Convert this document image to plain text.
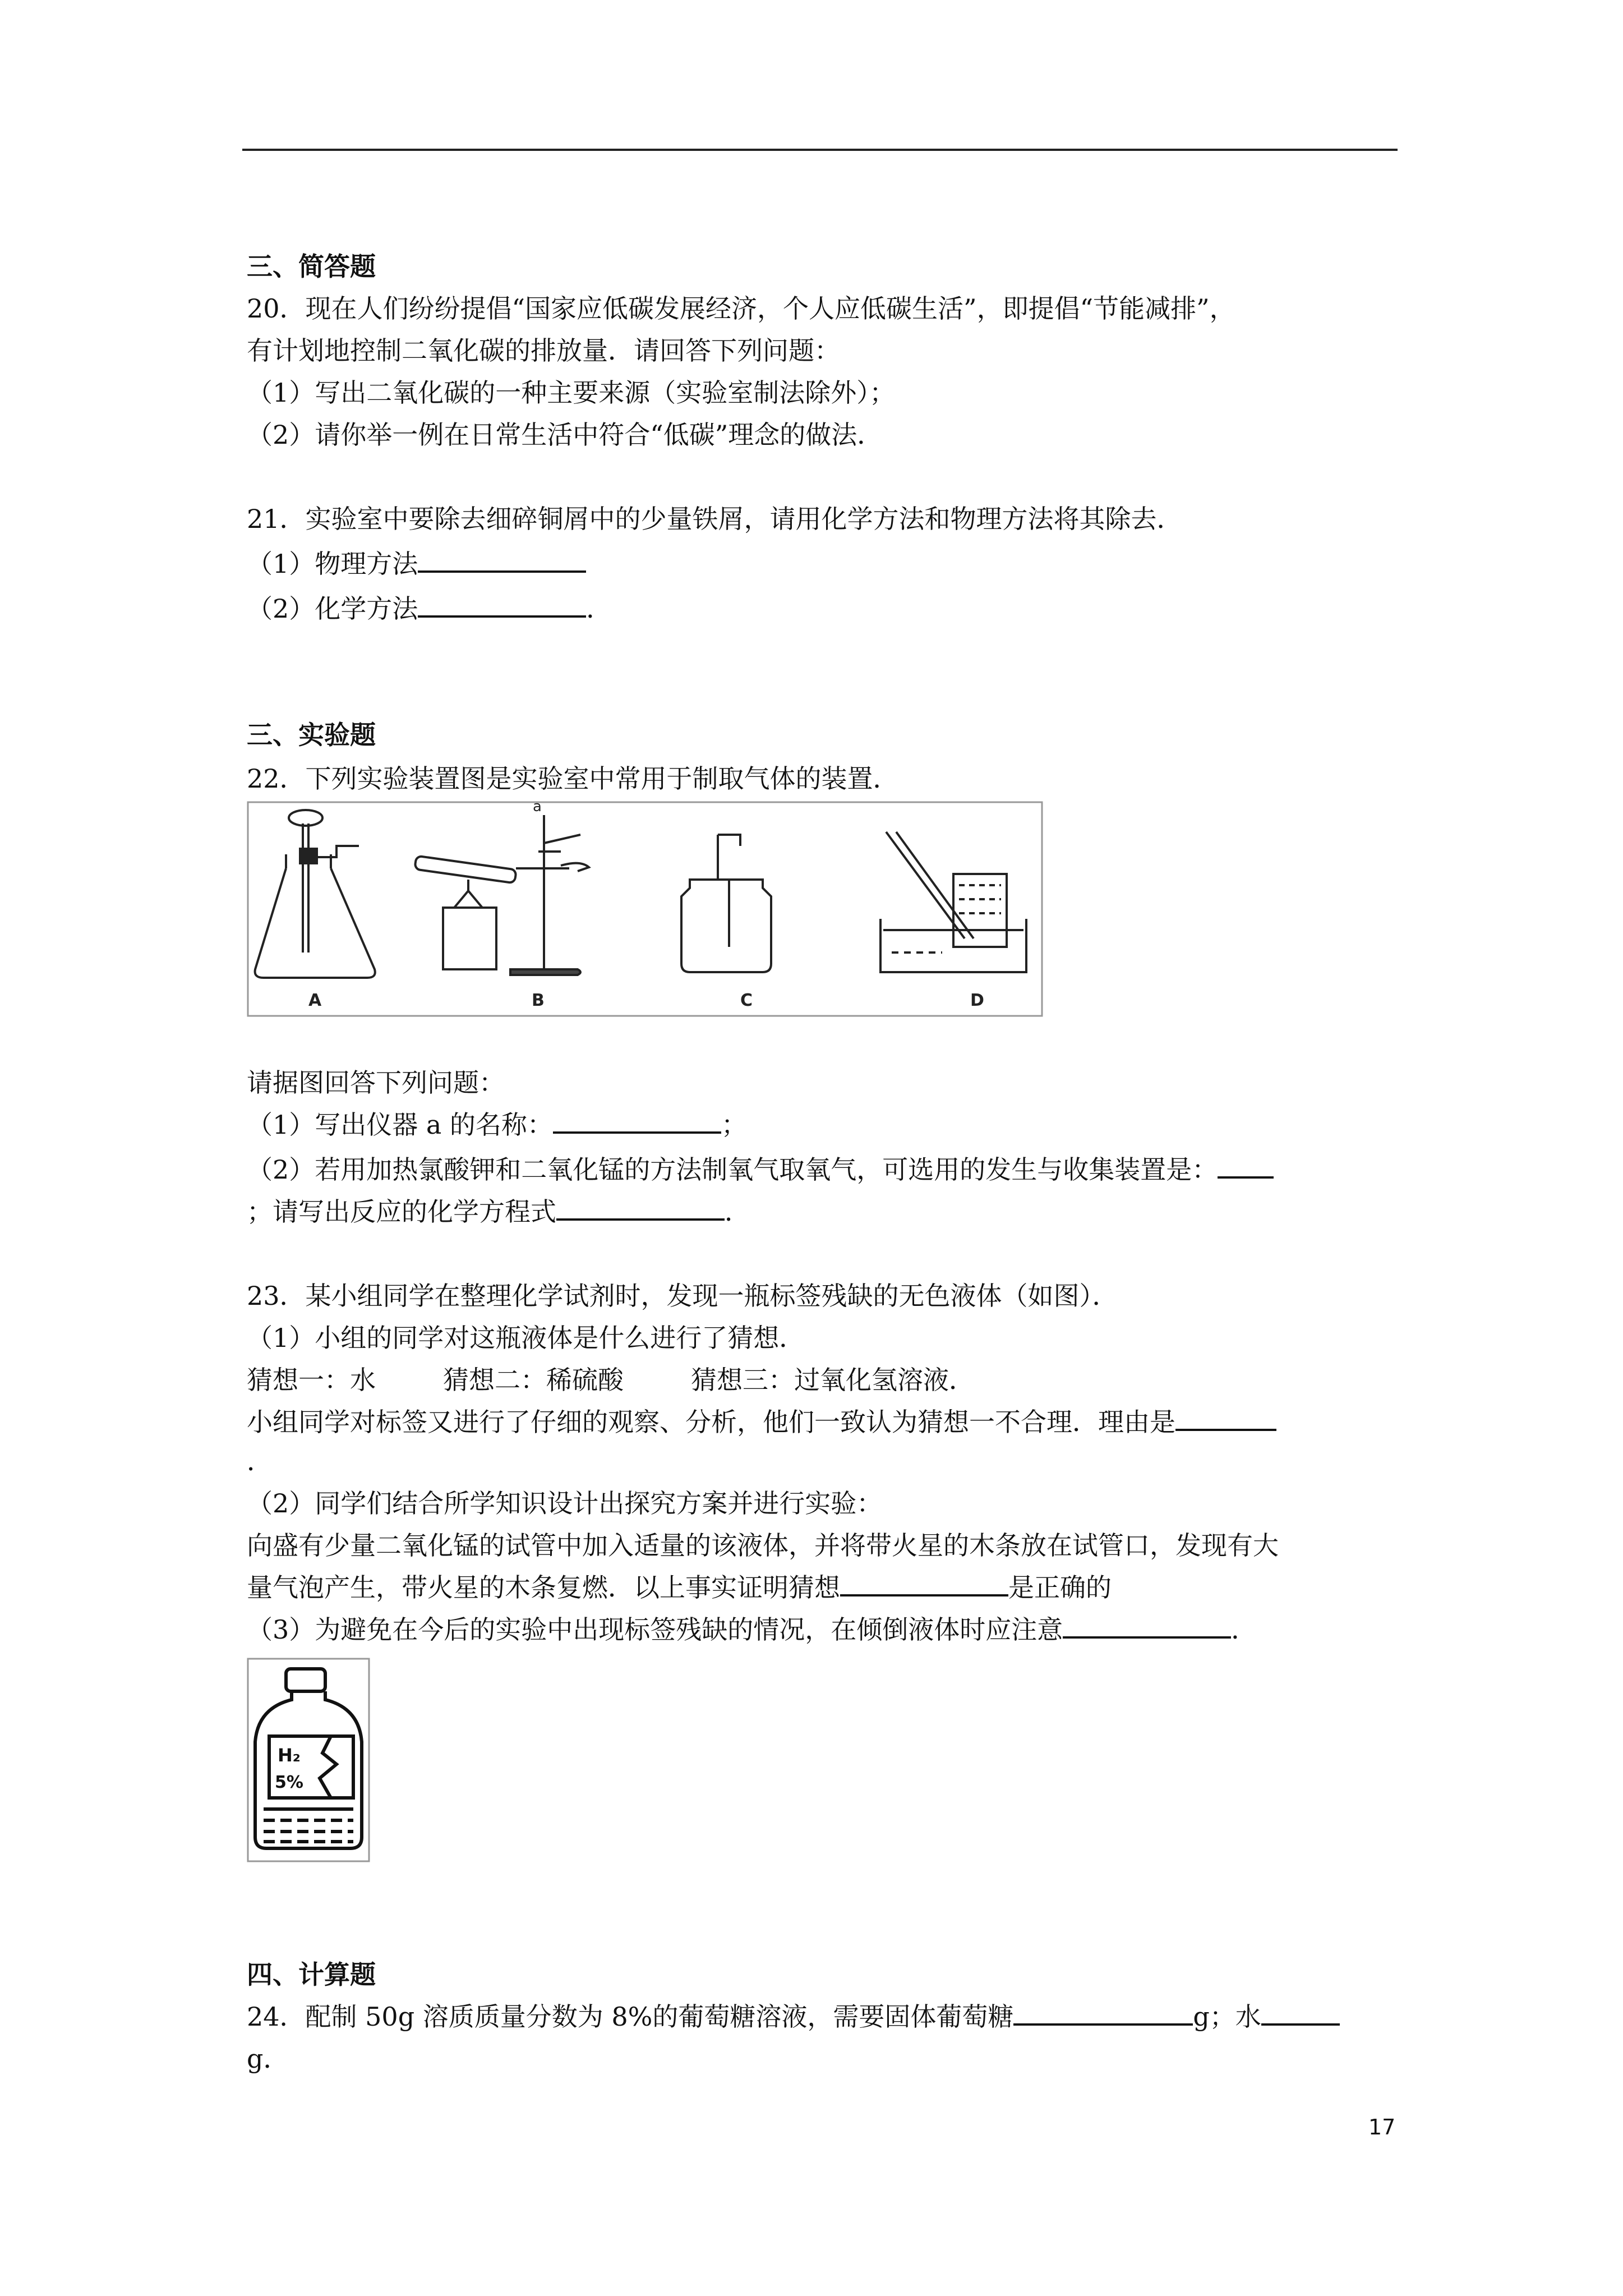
三、简答题
20．现在人们纷纷提倡“国家应低碳发展经济，个人应低碳生活”，即提倡“节能减排”，
有计划地控制二氧化碳的排放量．请回答下列问题：
（1）写出二氧化碳的一种主要来源（实验室制法除外）；
（2）请你举一例在日常生活中符合“低碳”理念的做法．
21．实验室中要除去细碎铜屑中的少量铁屑，请用化学方法和物理方法将其除去．
（1）物理方法
（2）化学方法	．
三、实验题
22．下列实验装置图是实验室中常用于制取气体的装置．
A
a
B	C	D
请据图回答下列问题：
（1）写出仪器 a 的名称：	；
（2）若用加热氯酸钾和二氧化锰的方法制氧气取氧气，可选用的发生与收集装置是：
；请写出反应的化学方程式	．
23．某小组同学在整理化学试剂时，发现一瓶标签残缺的无色液体（如图）．
（1）小组的同学对这瓶液体是什么进行了猜想．
猜想一：水	猜想二：稀硫酸	猜想三：过氧化氢溶液．
小组同学对标签又进行了仔细的观察、分析，他们一致认为猜想一不合理．理由是
．
（2）同学们结合所学知识设计出探究方案并进行实验：
向盛有少量二氧化锰的试管中加入适量的该液体，并将带火星的木条放在试管口，发现有大
量气泡产生，带火星的木条复燃．以上事实证明猜想	是正确的
（3）为避免在今后的实验中出现标签残缺的情况，在倾倒液体时应注意	．
H₂
5%
四、计算题
24．配制 50g 溶质质量分数为 8%的葡萄糖溶液，需要固体葡萄糖	g；水
g．
17
